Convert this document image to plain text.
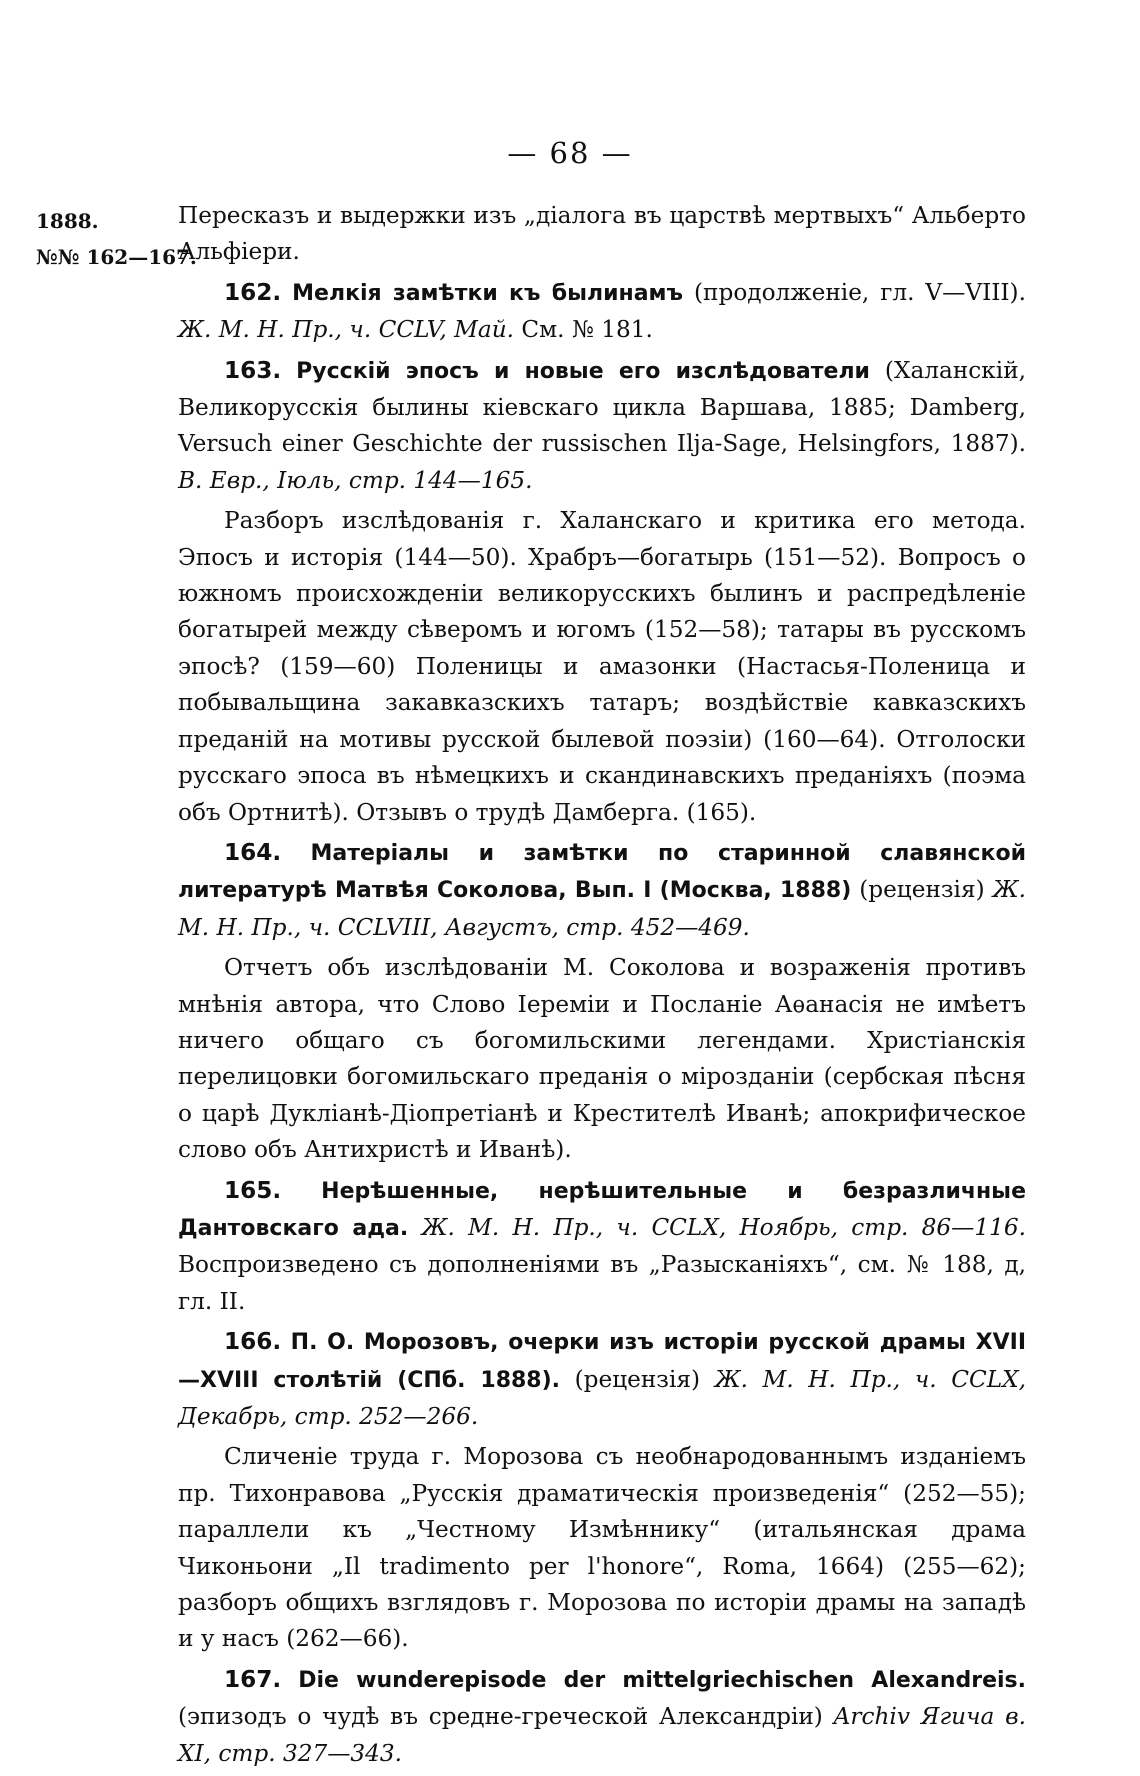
— 68 —
1888.
№№ 162—167.

Пересказъ и выдержки изъ „діалога въ царствѣ мертвыхъ“ Альберто Альфіери.

162. Мелкія замѣтки къ былинамъ (продолженіе, гл. V—VIII). Ж. М. Н. Пр., ч. CCLV, Май. См. № 181.

163. Русскій эпосъ и новые его изслѣдователи (Халанскій, Великорусскія былины кіевскаго цикла Варшава, 1885; Damberg, Versuch einer Geschichte der russischen Ilja-Sage, Helsingfors, 1887). В. Евр., Іюль, стр. 144—165.

Разборъ изслѣдованія г. Халанскаго и критика его метода. Эпосъ и исторія (144—50). Храбръ—богатырь (151—52). Вопросъ о южномъ происхожденіи великорусскихъ былинъ и распредѣленіе богатырей между сѣверомъ и югомъ (152—58); татары въ русскомъ эпосѣ? (159—60) Поленицы и амазонки (Настасья-Поленица и побывальщина закавказскихъ татаръ; воздѣйствіе кавказскихъ преданій на мотивы русской былевой поэзіи) (160—64). Отголоски русскаго эпоса въ нѣмецкихъ и скандинавскихъ преданіяхъ (поэма объ Ортнитѣ). Отзывъ о трудѣ Дамберга. (165).

164. Матеріалы и замѣтки по старинной славянской литературѣ Матвѣя Соколова, Вып. I (Москва, 1888) (рецензія) Ж. М. Н. Пр., ч. CCLVIII, Августъ, стр. 452—469.

Отчетъ объ изслѣдованіи М. Соколова и возраженія противъ мнѣнія автора, что Слово Іереміи и Посланіе Аѳанасія не имѣетъ ничего общаго съ богомильскими легендами. Христіанскія перелицовки богомильскаго преданія о мірозданіи (сербская пѣсня о царѣ Дукліанѣ-Діопретіанѣ и Крестителѣ Иванѣ; апокрифическое слово объ Антихристѣ и Иванѣ).

165. Нерѣшенные, нерѣшительные и безразличные Дантовскаго ада. Ж. М. Н. Пр., ч. CCLX, Ноябрь, стр. 86—116. Воспроизведено съ дополненіями въ „Разысканіяхъ“, см. № 188, д, гл. II.

166. П. О. Морозовъ, очерки изъ исторіи русской драмы XVII—XVIII столѣтій (СПб. 1888). (рецензія) Ж. М. Н. Пр., ч. CCLX, Декабрь, стр. 252—266.

Сличеніе труда г. Морозова съ необнародованнымъ изданіемъ пр. Тихонравова „Русскія драматическія произведенія“ (252—55); параллели къ „Честному Измѣннику“ (итальянская драма Чиконьони „Il tradimento per l'honore“, Roma, 1664) (255—62); разборъ общихъ взглядовъ г. Морозова по исторіи драмы на западѣ и у насъ (262—66).

167. Die wunderepisode der mittelgriechischen Alexandreis. (эпизодъ о чудѣ въ средне-греческой Александріи) Archiv Ягича в. XI, стр. 327—343.
